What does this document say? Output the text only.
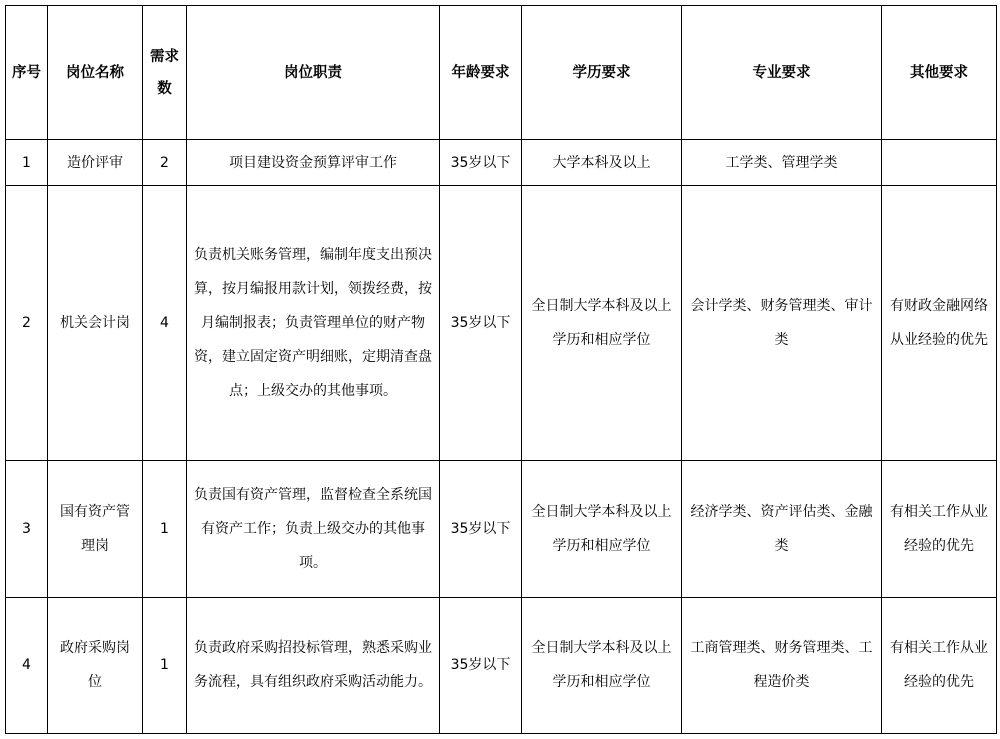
序号	岗位名称	需求数	岗位职责	年龄要求	学历要求	专业要求	其他要求
1	造价评审	2	项目建设资金预算评审工作	35岁以下	大学本科及以上	工学类、管理学类	
2	机关会计岗	4	负责机关账务管理，编制年度支出预决算，按月编报用款计划，领拨经费，按月编制报表；负责管理单位的财产物资，建立固定资产明细账，定期清查盘点；上级交办的其他事项。	35岁以下	全日制大学本科及以上学历和相应学位	会计学类、财务管理类、审计类	有财政金融网络从业经验的优先
3	国有资产管理岗	1	负责国有资产管理，监督检查全系统国有资产工作；负责上级交办的其他事项。	35岁以下	全日制大学本科及以上学历和相应学位	经济学类、资产评估类、金融类	有相关工作从业经验的优先
4	政府采购岗位	1	负责政府采购招投标管理，熟悉采购业务流程，具有组织政府采购活动能力。	35岁以下	全日制大学本科及以上学历和相应学位	工商管理类、财务管理类、工程造价类	有相关工作从业经验的优先
